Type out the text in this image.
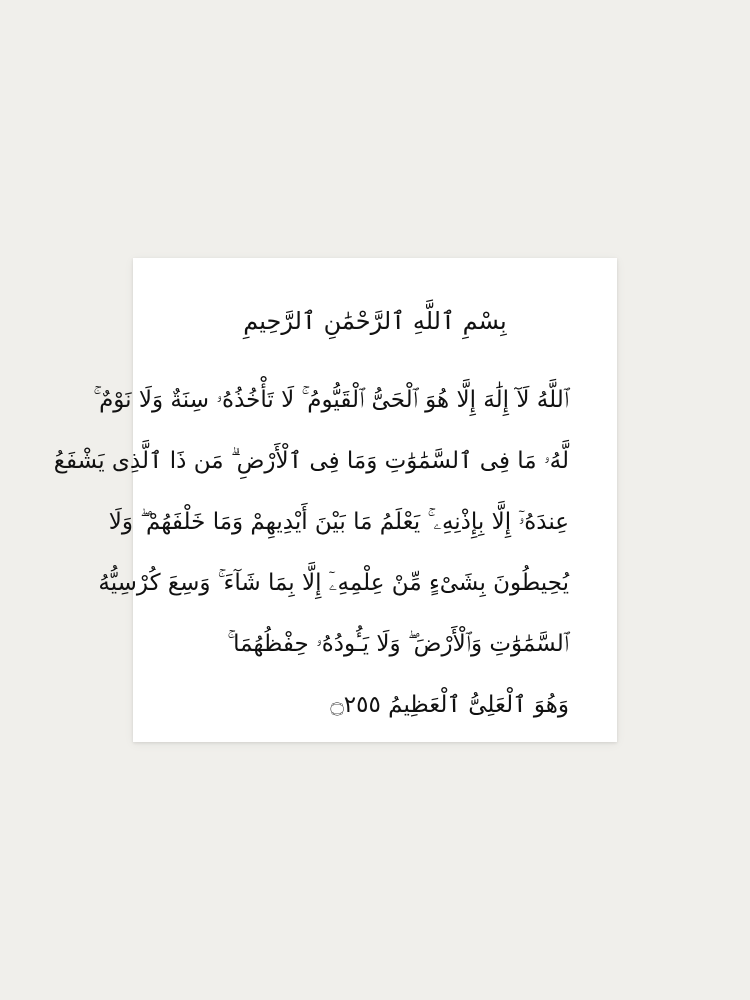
بِسْمِ ٱللَّهِ ٱلرَّحْمَٰنِ ٱلرَّحِيمِ
ٱللَّهُ لَآ إِلَٰهَ إِلَّا هُوَ ٱلْحَىُّ ٱلْقَيُّومُ ۚ لَا تَأْخُذُهُۥ سِنَةٌ وَلَا نَوْمٌ ۚ
لَّهُۥ مَا فِى ٱلسَّمَٰوَٰتِ وَمَا فِى ٱلْأَرْضِ ۗ مَن ذَا ٱلَّذِى يَشْفَعُ
عِندَهُۥٓ إِلَّا بِإِذْنِهِۦ ۚ يَعْلَمُ مَا بَيْنَ أَيْدِيهِمْ وَمَا خَلْفَهُمْ ۖ وَلَا
يُحِيطُونَ بِشَىْءٍ مِّنْ عِلْمِهِۦٓ إِلَّا بِمَا شَآءَ ۚ وَسِعَ كُرْسِيُّهُ
ٱلسَّمَٰوَٰتِ وَٱلْأَرْضَ ۖ وَلَا يَـُٔودُهُۥ حِفْظُهُمَا ۚ
وَهُوَ ٱلْعَلِىُّ ٱلْعَظِيمُ ۝٢٥٥
